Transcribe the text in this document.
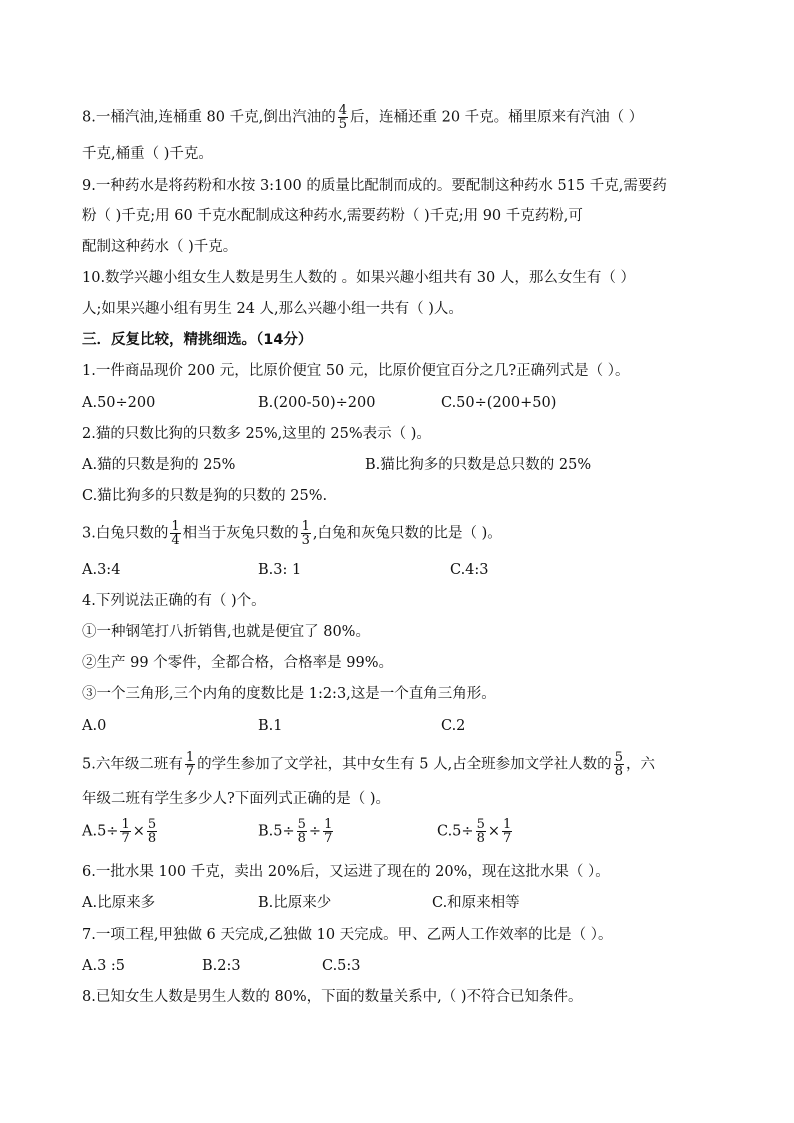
8.一桶汽油,连桶重 80 千克,倒出汽油的 $\frac{4}{5}$ 后，连桶还重 20 千克。桶里原来有汽油（ ）
千克,桶重（ )千克。
9.一种药水是将药粉和水按 3:100 的质量比配制而成的。要配制这种药水 515 千克,需要药
粉（ )千克;用 60 千克水配制成这种药水,需要药粉（ )千克;用 90 千克药粉,可
配制这种药水（ )千克。
10.数学兴趣小组女生人数是男生人数的 。如果兴趣小组共有 30 人，那么女生有（ ）
人;如果兴趣小组有男生 24 人,那么兴趣小组一共有（ )人。
三．反复比较，精挑细选。（14分）
1.一件商品现价 200 元，比原价便宜 50 元，比原价便宜百分之几?正确列式是（ ）。
A.50÷200	B.(200-50)÷200	C.50÷(200+50)
2.猫的只数比狗的只数多 25%,这里的 25%表示（ )。
A.猫的只数是狗的 25%	B.猫比狗多的只数是总只数的 25%
C.猫比狗多的只数是狗的只数的 25%.
3.白兔只数的 $\frac{1}{4}$ 相当于灰兔只数的 $\frac{1}{3}$ ,白兔和灰兔只数的比是（ )。
A.3:4	B.3: 1	C.4:3
4.下列说法正确的有（ )个。
①一种钢笔打八折销售,也就是便宜了 80%。
②生产 99 个零件，全都合格，合格率是 99%。
③一个三角形,三个内角的度数比是 1:2:3,这是一个直角三角形。
A.0	B.1	C.2
5.六年级二班有 $\frac{1}{7}$ 的学生参加了文学社，其中女生有 5 人,占全班参加文学社人数的 $\frac{5}{8}$ ，六
年级二班有学生多少人?下面列式正确的是（ )。
$A.5\div \frac{1}{7} \times \frac{5}{8}$	$B.5\div \frac{5}{8} \div \frac{1}{7}$	$C.5\div \frac{5}{8} \times \frac{1}{7}$
6.一批水果 100 千克，卖出 20%后，又运进了现在的 20%，现在这批水果（ ）。
A.比原来多	B.比原来少	C.和原来相等
7.一项工程,甲独做 6 天完成,乙独做 10 天完成。甲、乙两人工作效率的比是（ ）。
A.3 :5	B.2:3	C.5:3
8.已知女生人数是男生人数的 80%，下面的数量关系中,（ )不符合已知条件。
